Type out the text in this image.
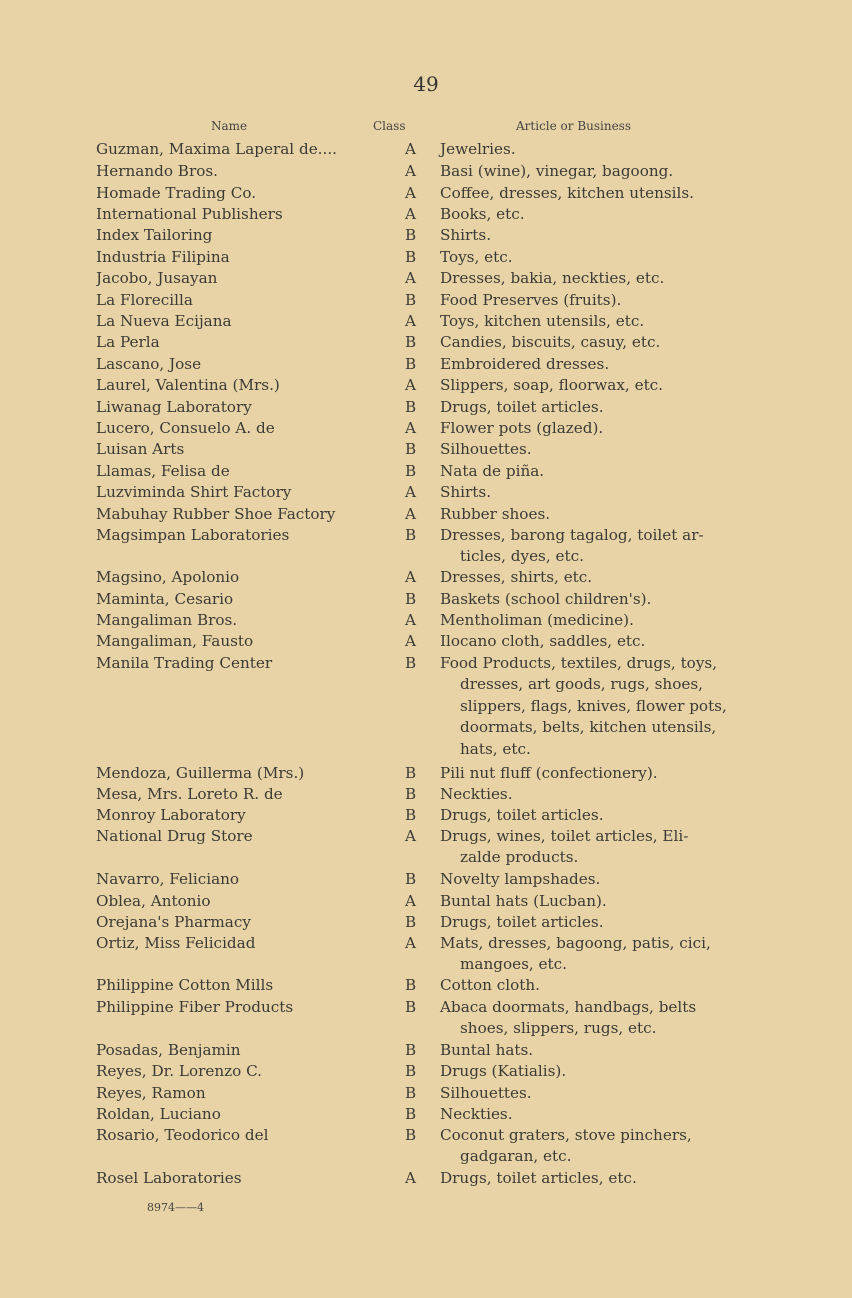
49
Name	Class	Article or Business
Guzman, Maxima Laperal de....	A	Jewelries.
Hernando Bros.	A	Basi (wine), vinegar, bagoong.
Homade Trading Co.	A	Coffee, dresses, kitchen utensils.
International Publishers	A	Books, etc.
Index Tailoring	B	Shirts.
Industria Filipina	B	Toys, etc.
Jacobo, Jusayan	A	Dresses, bakia, neckties, etc.
La Florecilla	B	Food Preserves (fruits).
La Nueva Ecijana	A	Toys, kitchen utensils, etc.
La Perla	B	Candies, biscuits, casuy, etc.
Lascano, Jose	B	Embroidered dresses.
Laurel, Valentina (Mrs.)	A	Slippers, soap, floorwax, etc.
Liwanag Laboratory	B	Drugs, toilet articles.
Lucero, Consuelo A. de	A	Flower pots (glazed).
Luisan Arts	B	Silhouettes.
Llamas, Felisa de	B	Nata de piña.
Luzviminda Shirt Factory	A	Shirts.
Mabuhay Rubber Shoe Factory	A	Rubber shoes.
Magsimpan Laboratories	B	Dresses, barong tagalog, toilet ar-
ticles, dyes, etc.
Magsino, Apolonio	A	Dresses, shirts, etc.
Maminta, Cesario	B	Baskets (school children's).
Mangaliman Bros.	A	Mentholiman (medicine).
Mangaliman, Fausto	A	Ilocano cloth, saddles, etc.
Manila Trading Center	B	Food Products, textiles, drugs, toys,
dresses, art goods, rugs, shoes,
slippers, flags, knives, flower pots,
doormats, belts, kitchen utensils,
hats, etc.
Mendoza, Guillerma (Mrs.)	B	Pili nut fluff (confectionery).
Mesa, Mrs. Loreto R. de	B	Neckties.
Monroy Laboratory	B	Drugs, toilet articles.
National Drug Store	A	Drugs, wines, toilet articles, Eli-
zalde products.
Navarro, Feliciano	B	Novelty lampshades.
Oblea, Antonio	A	Buntal hats (Lucban).
Orejana's Pharmacy	B	Drugs, toilet articles.
Ortiz, Miss Felicidad	A	Mats, dresses, bagoong, patis, cici,
mangoes, etc.
Philippine Cotton Mills	B	Cotton cloth.
Philippine Fiber Products	B	Abaca doormats, handbags, belts
shoes, slippers, rugs, etc.
Posadas, Benjamin	B	Buntal hats.
Reyes, Dr. Lorenzo C.	B	Drugs (Katialis).
Reyes, Ramon	B	Silhouettes.
Roldan, Luciano	B	Neckties.
Rosario, Teodorico del	B	Coconut graters, stove pinchers,
gadgaran, etc.
Rosel Laboratories	A	Drugs, toilet articles, etc.
8974——4
